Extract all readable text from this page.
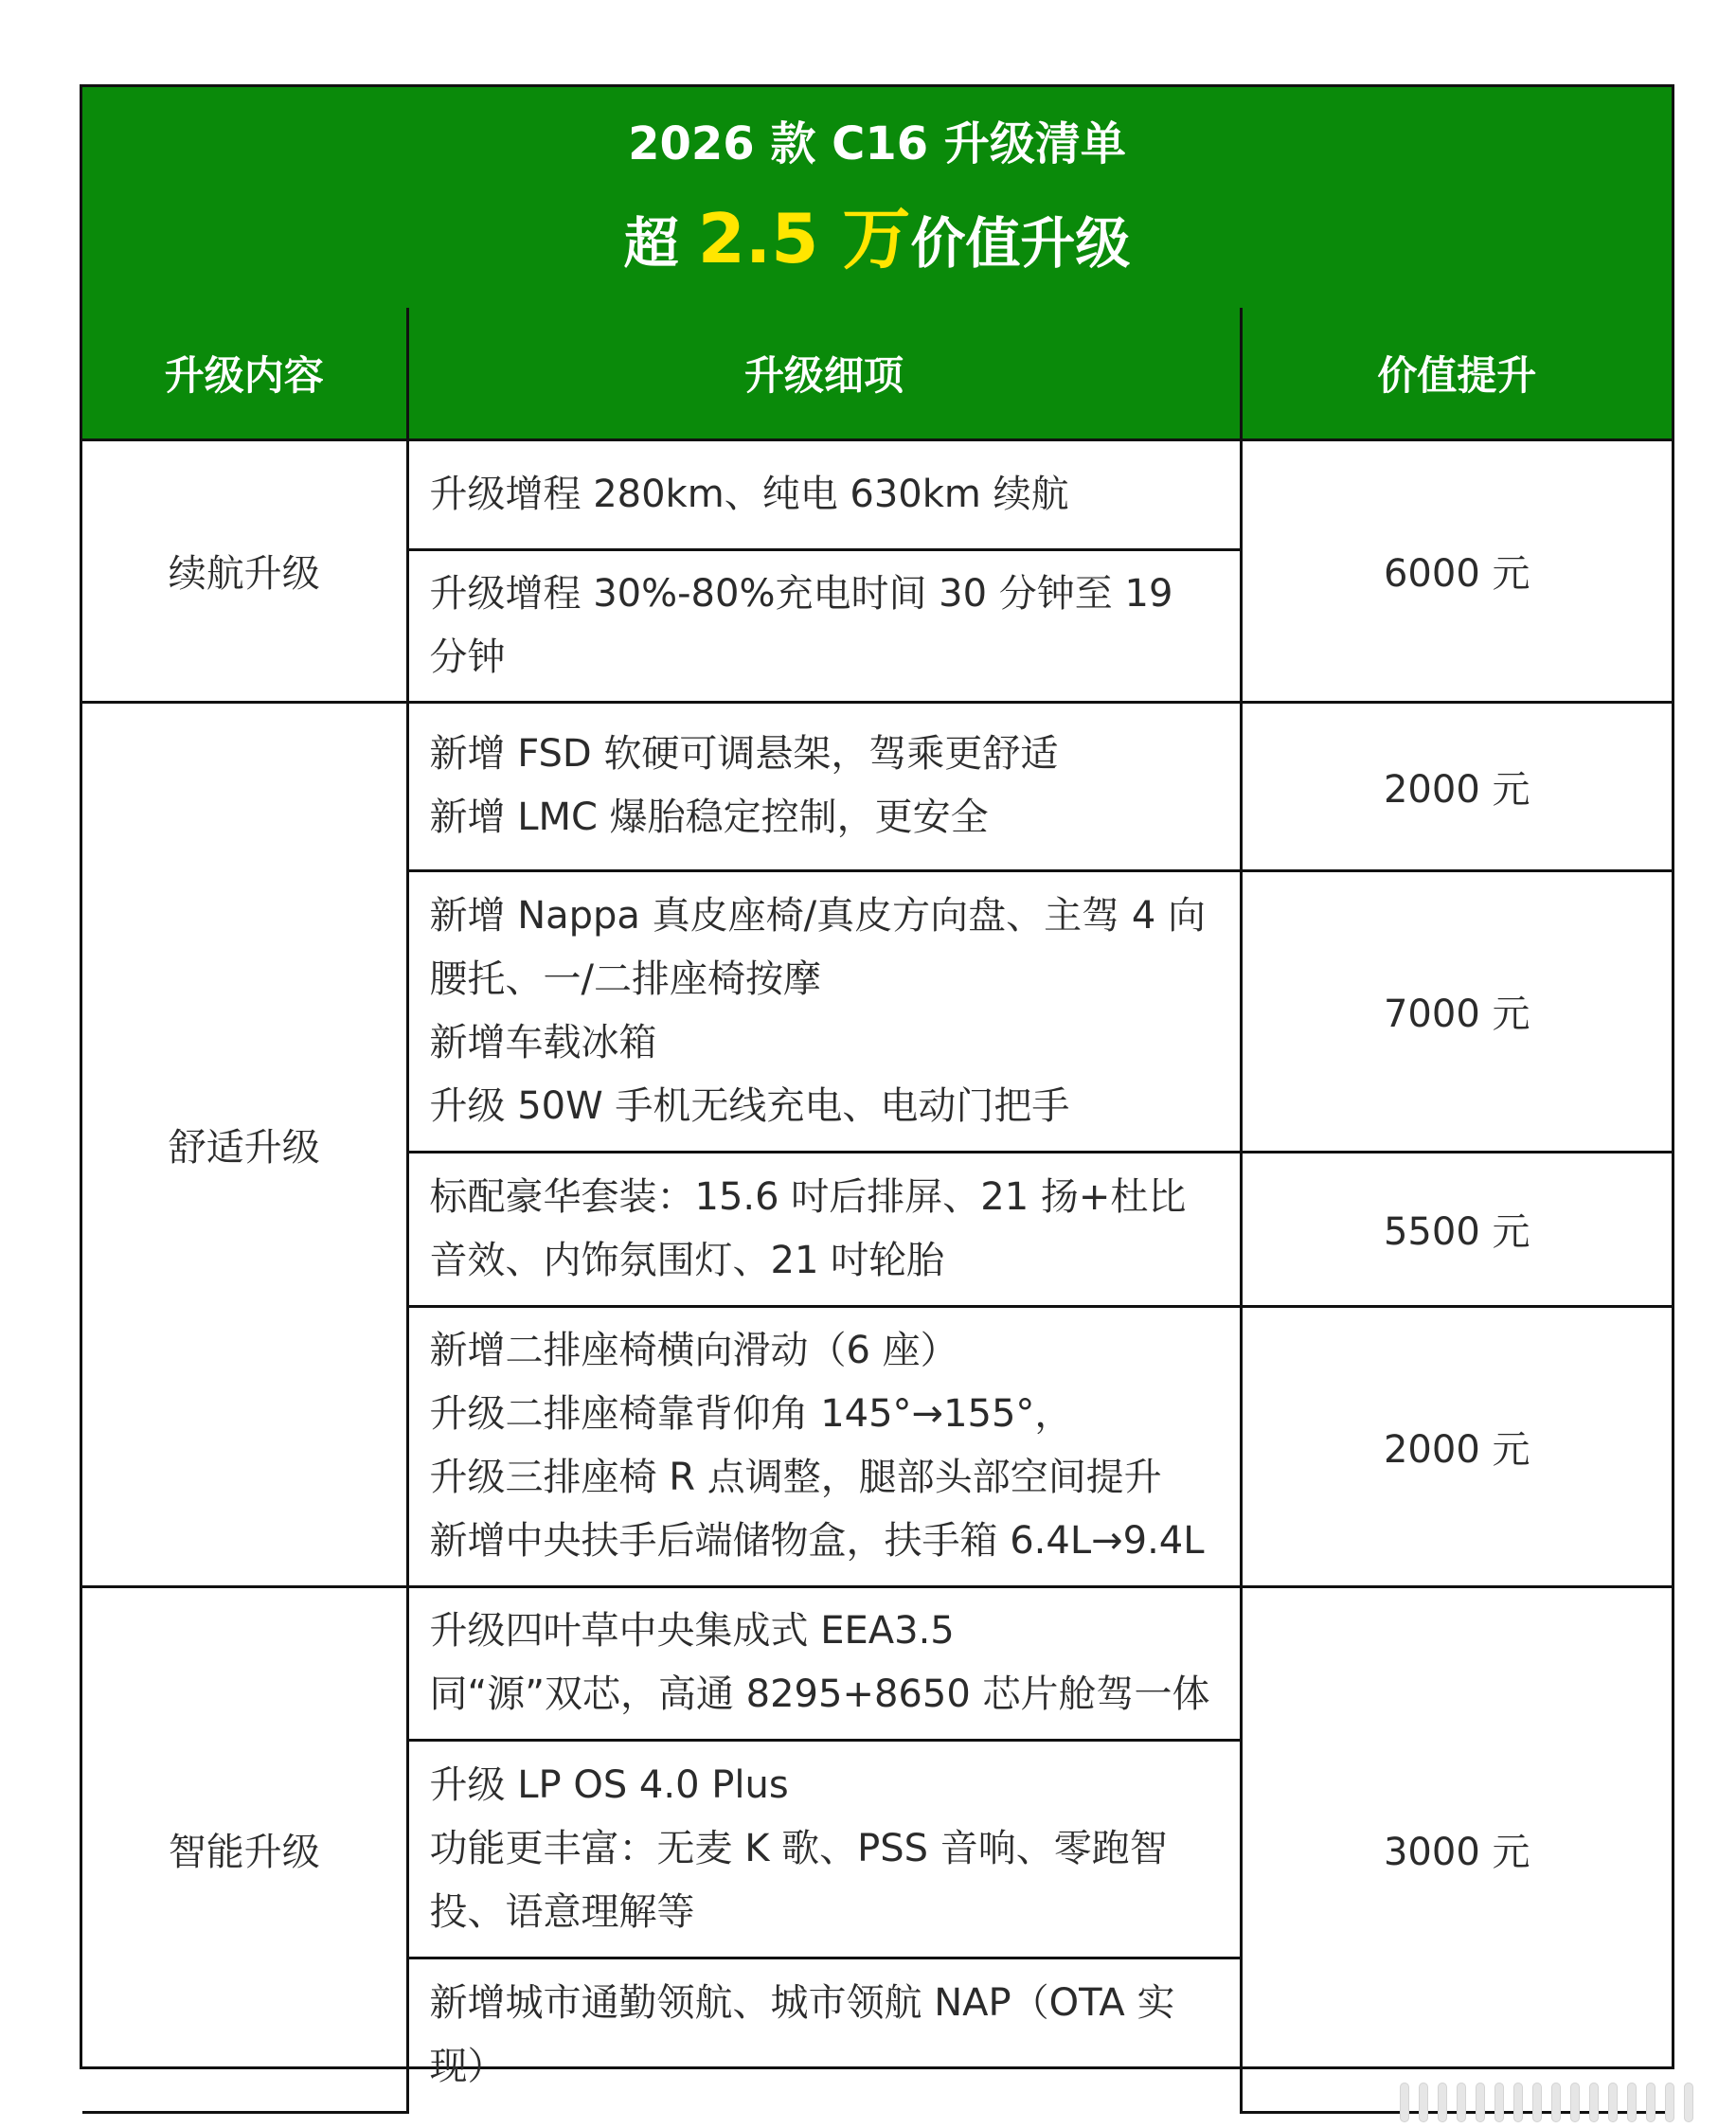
2026 款 C16 升级清单
超 2.5 万价值升级
升级内容	升级细项	价值提升
续航升级	升级增程 280km、纯电 630km 续航	6000 元

	升级增程 30%-80%充电时间 30 分钟至 19 分钟	

舒适升级	新增 FSD 软硬可调悬架，驾乘更舒适
新增 LMC 爆胎稳定控制，更安全	2000 元

	新增 Nappa 真皮座椅/真皮方向盘、主驾 4 向腰托、一/二排座椅按摩
新增车载冰箱
升级 50W 手机无线充电、电动门把手	7000 元

	标配豪华套装：15.6 吋后排屏、21 扬+杜比音效、内饰氛围灯、21 吋轮胎	5500 元

	新增二排座椅横向滑动（6 座）
升级二排座椅靠背仰角 145°→155°，
升级三排座椅 R 点调整，腿部头部空间提升
新增中央扶手后端储物盒，扶手箱 6.4L→9.4L	2000 元
智能升级	升级四叶草中央集成式 EEA3.5
同“源”双芯，高通 8295+8650 芯片舱驾一体	3000 元

	升级 LP OS 4.0 Plus
功能更丰富：无麦 K 歌、PSS 音响、零跑智投、语意理解等	

	新增城市通勤领航、城市领航 NAP（OTA 实现）	
